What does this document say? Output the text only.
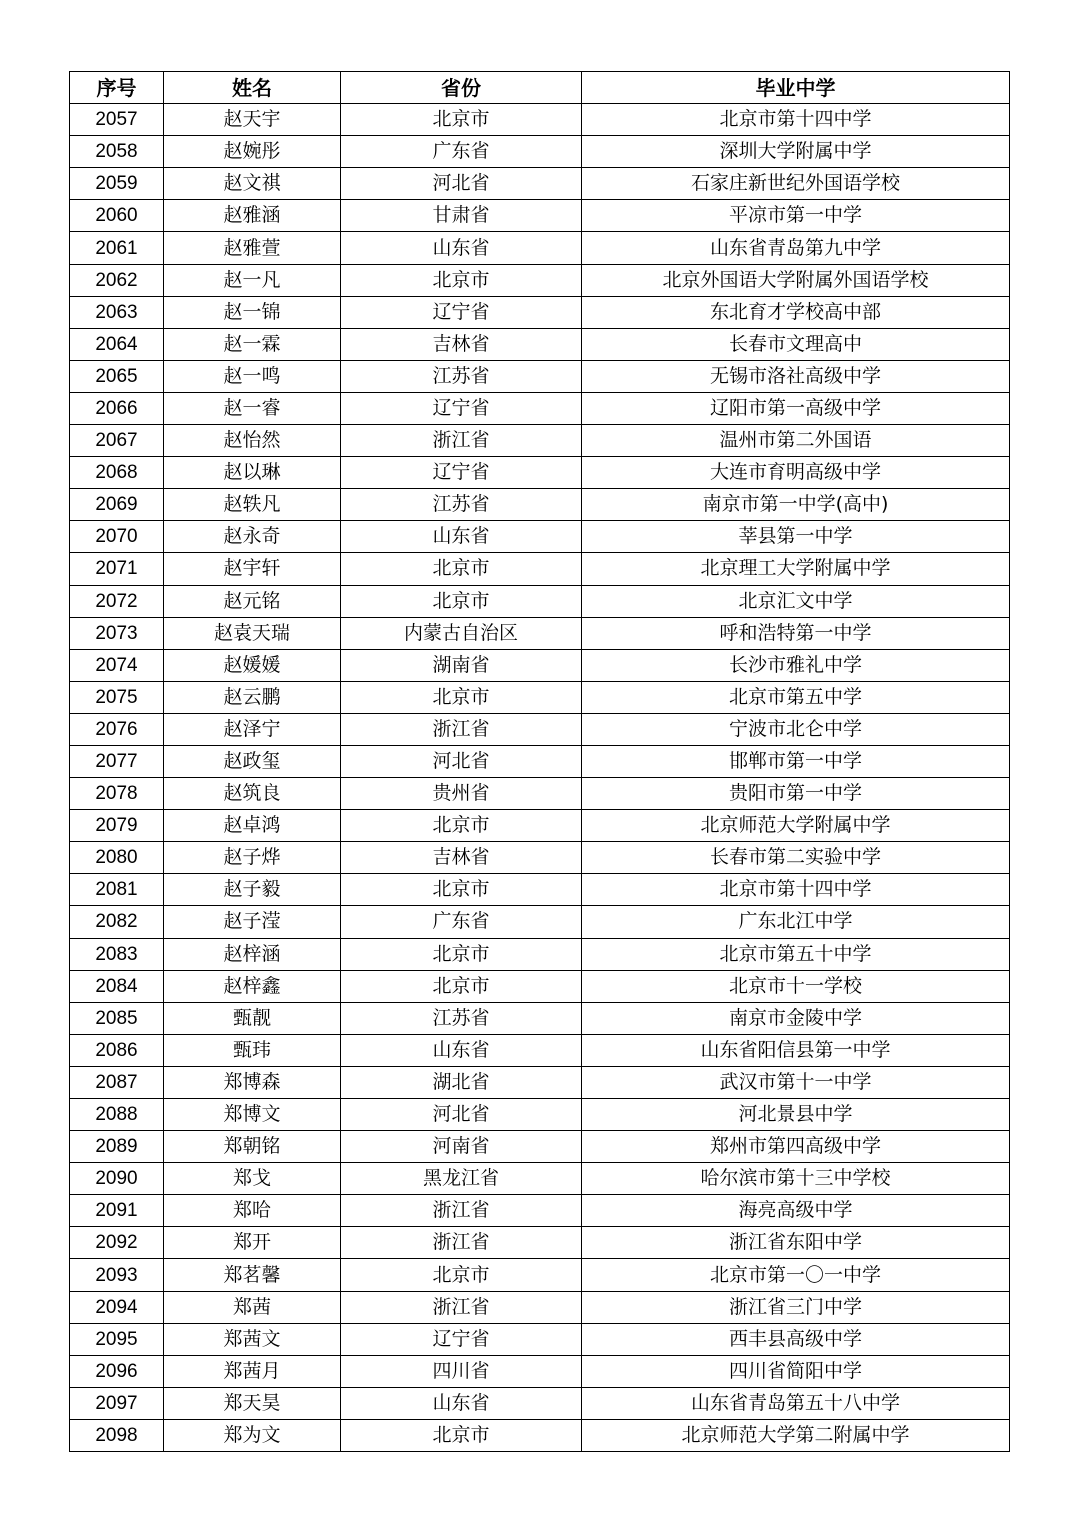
序号	姓名	省份	毕业中学
2057	赵天宇	北京市	北京市第十四中学
2058	赵婉彤	广东省	深圳大学附属中学
2059	赵文祺	河北省	石家庄新世纪外国语学校
2060	赵雅涵	甘肃省	平凉市第一中学
2061	赵雅萱	山东省	山东省青岛第九中学
2062	赵一凡	北京市	北京外国语大学附属外国语学校
2063	赵一锦	辽宁省	东北育才学校高中部
2064	赵一霖	吉林省	长春市文理高中
2065	赵一鸣	江苏省	无锡市洛社高级中学
2066	赵一睿	辽宁省	辽阳市第一高级中学
2067	赵怡然	浙江省	温州市第二外国语
2068	赵以琳	辽宁省	大连市育明高级中学
2069	赵轶凡	江苏省	南京市第一中学(高中)
2070	赵永奇	山东省	莘县第一中学
2071	赵宇轩	北京市	北京理工大学附属中学
2072	赵元铭	北京市	北京汇文中学
2073	赵袁天瑞	内蒙古自治区	呼和浩特第一中学
2074	赵媛媛	湖南省	长沙市雅礼中学
2075	赵云鹏	北京市	北京市第五中学
2076	赵泽宁	浙江省	宁波市北仑中学
2077	赵政玺	河北省	邯郸市第一中学
2078	赵筑良	贵州省	贵阳市第一中学
2079	赵卓鸿	北京市	北京师范大学附属中学
2080	赵子烨	吉林省	长春市第二实验中学
2081	赵子毅	北京市	北京市第十四中学
2082	赵子滢	广东省	广东北江中学
2083	赵梓涵	北京市	北京市第五十中学
2084	赵梓鑫	北京市	北京市十一学校
2085	甄靓	江苏省	南京市金陵中学
2086	甄玮	山东省	山东省阳信县第一中学
2087	郑博森	湖北省	武汉市第十一中学
2088	郑博文	河北省	河北景县中学
2089	郑朝铭	河南省	郑州市第四高级中学
2090	郑戈	黑龙江省	哈尔滨市第十三中学校
2091	郑哈	浙江省	海亮高级中学
2092	郑开	浙江省	浙江省东阳中学
2093	郑茗馨	北京市	北京市第一〇一中学
2094	郑茜	浙江省	浙江省三门中学
2095	郑茜文	辽宁省	西丰县高级中学
2096	郑茜月	四川省	四川省简阳中学
2097	郑天昊	山东省	山东省青岛第五十八中学
2098	郑为文	北京市	北京师范大学第二附属中学
